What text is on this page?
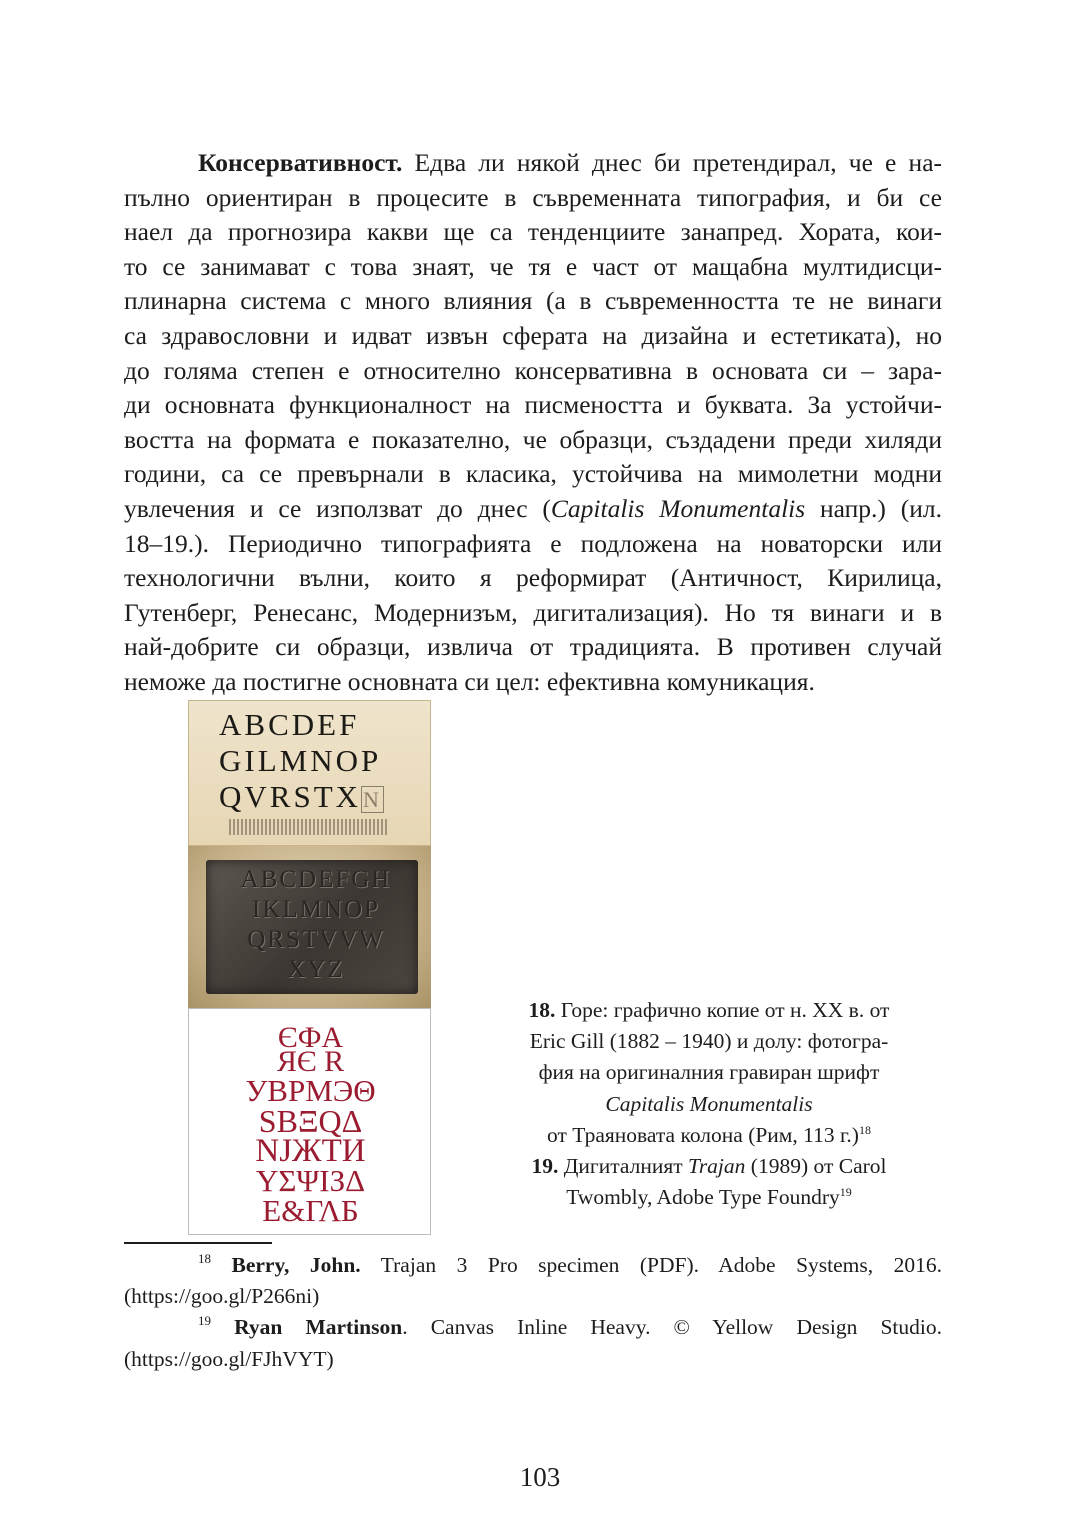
Консервативност. Едва ли някой днес би претендирал, че е на-
пълно ориентиран в процесите в съвременната типография, и би се
наел да прогнозира какви ще са тенденциите занапред. Хората, кои-
то се занимават с това знаят, че тя е част от мащабна мултидисци-
плинарна система с много влияния (а в съвременността те не винаги
са здравословни и идват извън сферата на дизайна и естетиката), но
до голяма степен е относително консервативна в основата си – зара-
ди основната функционалност на писмеността и буквата. За устойчи-
востта на формата е показателно, че образци, създадени преди хиляди
години, са се превърнали в класика, устойчива на мимолетни модни
увлечения и се използват до днес (Capitalis Monumentalis напр.) (ил.
18–19.). Периодично типографията е подложена на новаторски или
технологични вълни, които я реформират (Античност, Кирилица,
Гутенберг, Ренесанс, Модернизъм, дигитализация). Но тя винаги и в
най-добрите си образци, извлича от традицията. В противен случай
неможе да постигне основната си цел: ефективна комуникация.
ABCDEF
GILMNOP
QVRSTXN
ABCDEFGH
IKLMNOP
QRSTVVW
XYZ
ЄФA
ЯЄ R
УВРМЭΘ
SBΞQΔ
NJЖTИ
ΥΣΨΙЗΔ
Ε&ΓΛБ
18. Горе: графично копие от н. XX в. от
Eric Gill (1882 – 1940) и долу: фотогра-
фия на оригиналния гравиран шрифт
Capitalis Monumentalis
от Траяновата колона (Рим, 113 г.)$^{18}$
19. Дигиталният Trajan (1989) от Carol
Twombly, Adobe Type Foundry$^{19}$
$^{18}$ Berry, John. Trajan 3 Pro specimen (PDF). Adobe Systems, 2016.
(https://goo.gl/P266ni)
$^{19}$ Ryan Martinson. Canvas Inline Heavy. © Yellow Design Studio.
(https://goo.gl/FJhVYT)
103
